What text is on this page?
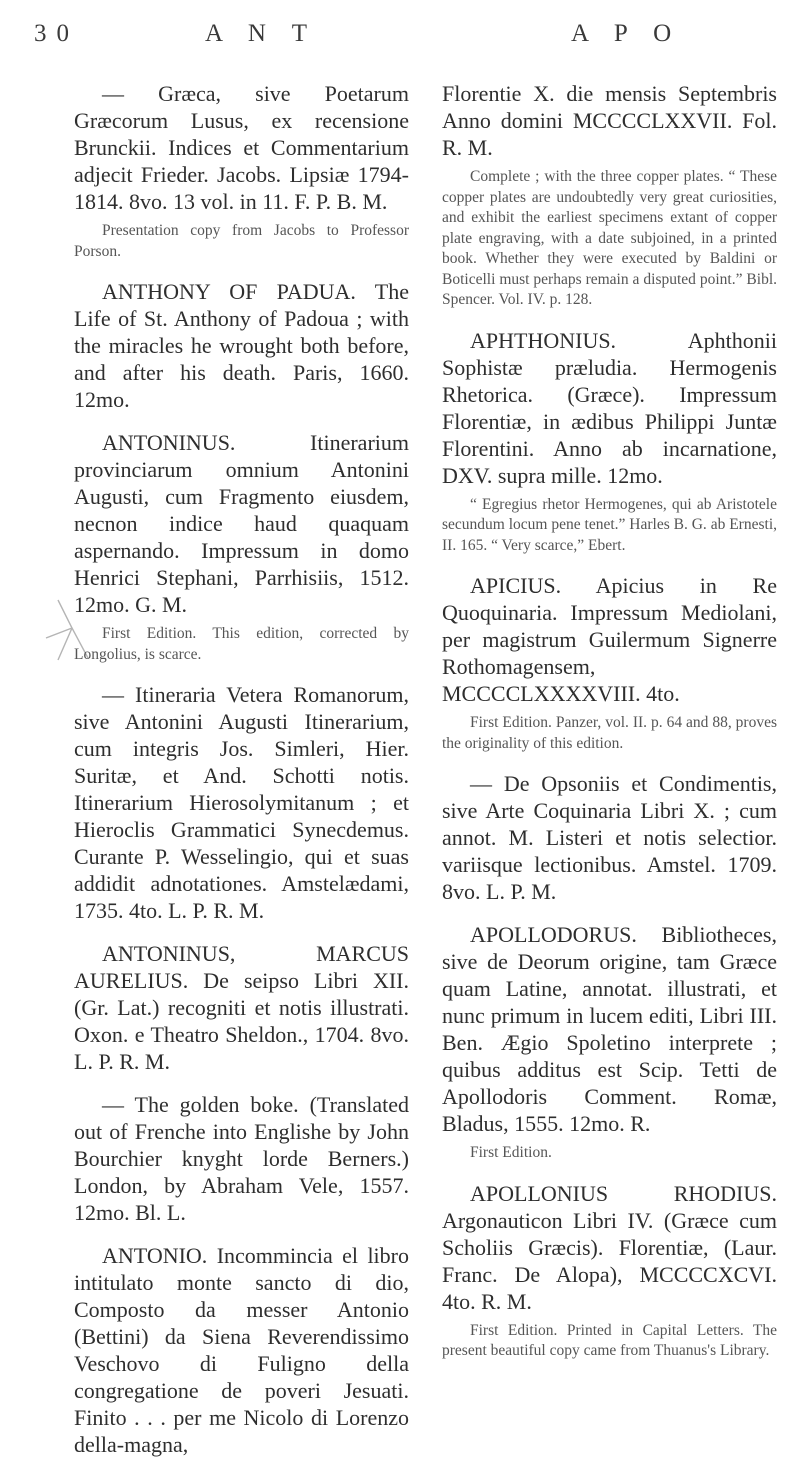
30	A N T	A P O

— Græca, sive Poetarum Græcorum Lusus, ex recensione Brunckii. Indices et Commentarium adjecit Frieder. Jacobs. Lipsiæ 1794-1814. 8vo. 13 vol. in 11. F. P. B. M.

Presentation copy from Jacobs to Professor Porson.

ANTHONY OF PADUA. The Life of St. Anthony of Padoua ; with the miracles he wrought both before, and after his death. Paris, 1660. 12mo.

ANTONINUS. Itinerarium provinciarum omnium Antonini Augusti, cum Fragmento eiusdem, necnon indice haud quaquam aspernando. Impressum in domo Henrici Stephani, Parrhisiis, 1512. 12mo. G. M.

First Edition. This edition, corrected by Longolius, is scarce.

— Itineraria Vetera Romanorum, sive Antonini Augusti Itinerarium, cum integris Jos. Simleri, Hier. Suritæ, et And. Schotti notis. Itinerarium Hierosolymitanum ; et Hieroclis Grammatici Synecdemus. Curante P. Wesselingio, qui et suas addidit adnotationes. Amstelædami, 1735. 4to. L. P. R. M.

ANTONINUS, MARCUS AURELIUS. De seipso Libri XII. (Gr. Lat.) recogniti et notis illustrati. Oxon. e Theatro Sheldon., 1704. 8vo. L. P. R. M.

— The golden boke. (Translated out of Frenche into Englishe by John Bourchier knyght lorde Berners.) London, by Abraham Vele, 1557. 12mo. Bl. L.

ANTONIO. Incommincia el libro intitulato monte sancto di dio, Composto da messer Antonio (Bettini) da Siena Reverendissimo Veschovo di Fuligno della congregatione de poveri Jesuati. Finito . . . per me Nicolo di Lorenzo della-magna,

Florentie X. die mensis Septembris Anno domini MCCCCLXXVII. Fol. R. M.

Complete ; with the three copper plates. “ These copper plates are undoubtedly very great curiosities, and exhibit the earliest specimens extant of copper plate engraving, with a date subjoined, in a printed book. Whether they were executed by Baldini or Boticelli must perhaps remain a disputed point.” Bibl. Spencer. Vol. IV. p. 128.

APHTHONIUS. Aphthonii Sophistæ præludia. Hermogenis Rhetorica. (Græce). Impressum Florentiæ, in ædibus Philippi Juntæ Florentini. Anno ab incarnatione, DXV. supra mille. 12mo.

“ Egregius rhetor Hermogenes, qui ab Aristotele secundum locum pene tenet.” Harles B. G. ab Ernesti, II. 165. “ Very scarce,” Ebert.

APICIUS. Apicius in Re Quoquinaria. Impressum Mediolani, per magistrum Guilermum Signerre Rothomagensem, MCCCCLXXXXVIII. 4to.

First Edition. Panzer, vol. II. p. 64 and 88, proves the originality of this edition.

— De Opsoniis et Condimentis, sive Arte Coquinaria Libri X. ; cum annot. M. Listeri et notis selectior. variisque lectionibus. Amstel. 1709. 8vo. L. P. M.

APOLLODORUS. Bibliotheces, sive de Deorum origine, tam Græce quam Latine, annotat. illustrati, et nunc primum in lucem editi, Libri III. Ben. Ægio Spoletino interprete ; quibus additus est Scip. Tetti de Apollodoris Comment. Romæ, Bladus, 1555. 12mo. R.

First Edition.

APOLLONIUS RHODIUS. Argonauticon Libri IV. (Græce cum Scholiis Græcis). Florentiæ, (Laur. Franc. De Alopa), MCCCCXCVI. 4to. R. M.

First Edition. Printed in Capital Letters. The present beautiful copy came from Thuanus's Library.
